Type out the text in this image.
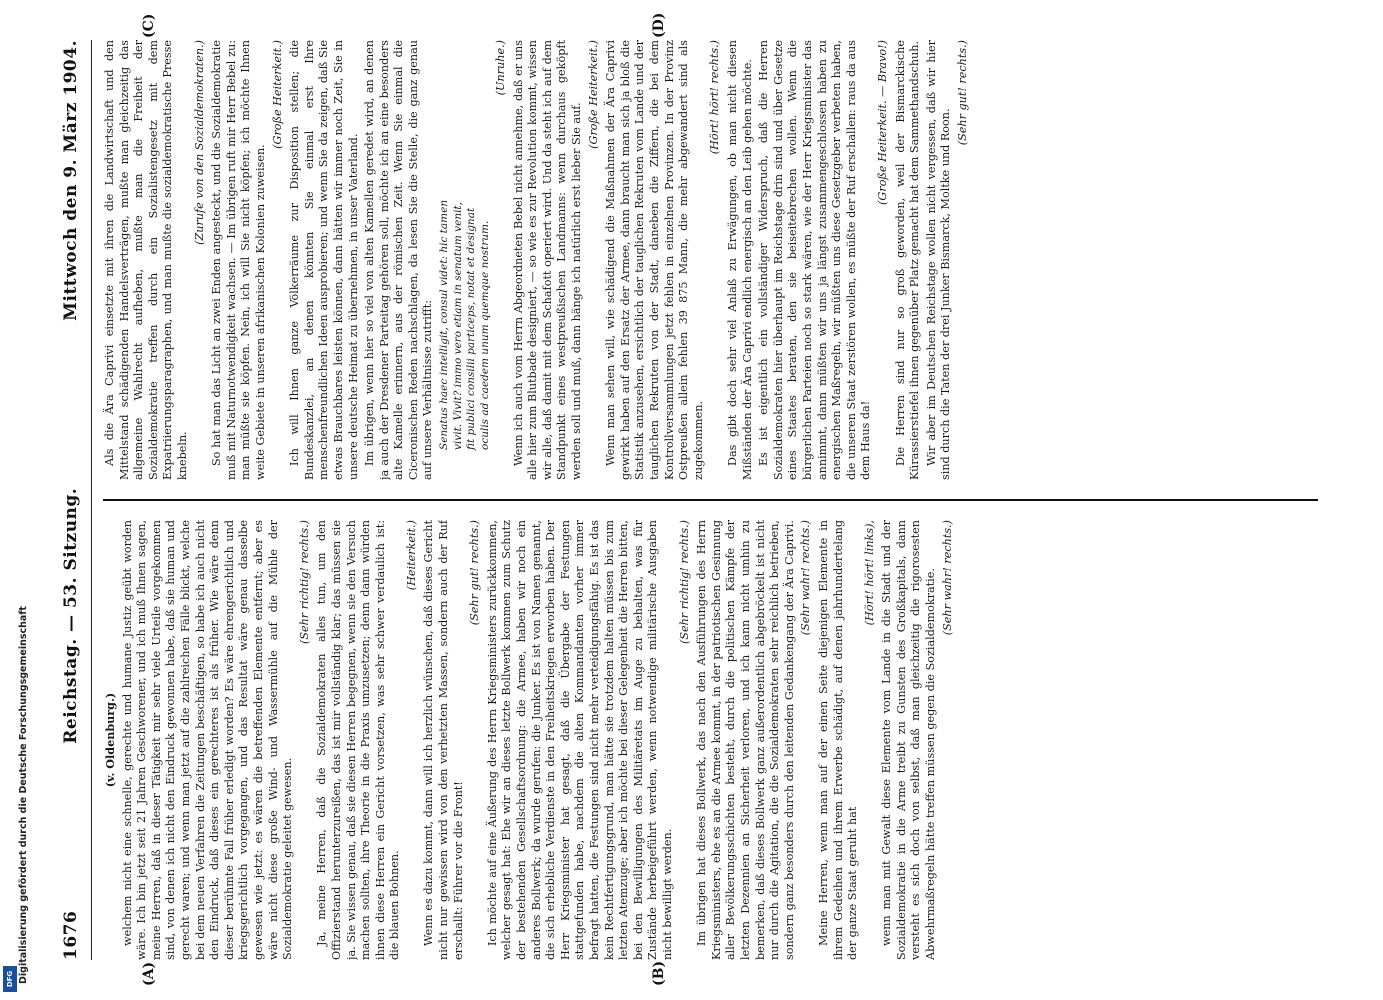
1676
Reichstag. — 53. Sitzung.
Mittwoch den 9. März 1904.
(A)	(B)
(C)	(D)

(v. Oldenburg.) welchem nicht eine schnelle, gerechte und humane Justiz geübt worden wäre. Ich bin jetzt seit 21 Jahren Geschworener, und ich muß Ihnen sagen, meine Herren, daß in dieser Tätigkeit mir sehr viele Urteile vorgekommen sind, von denen ich nicht den Eindruck gewonnen habe, daß sie human und gerecht waren; und wenn man jetzt auf die zahlreichen Fälle blickt, welche bei dem neuen Verfahren die Zeitungen beschäftigen, so habe ich auch nicht den Eindruck, daß dieses ein gerechteres ist als früher. Wie wäre denn dieser berühmte Fall früher erledigt worden? Es wäre ehrengerichtlich und kriegsgerichtlich vorgegangen, und das Resultat wäre genau dasselbe gewesen wie jetzt: es wären die betreffenden Elemente entfernt; aber es wäre nicht diese große Wind- und Wassermühle auf die Mühle der Sozialdemokratie geleitet gewesen.

(Sehr richtig! rechts.) Ja, meine Herren, daß die Sozialdemokraten alles tun, um den Offizierstand herunterzureißen, das ist mir vollständig klar; das müssen sie ja. Sie wissen genau, daß sie diesen Herren begegnen, wenn sie den Versuch machen sollten, ihre Theorie in die Praxis umzusetzen; denn dann würden ihnen diese Herren ein Gericht vorsetzen, was sehr schwer verdaulich ist: die blauen Bohnen.

(Heiterkeit.) Wenn es dazu kommt, dann will ich herzlich wünschen, daß dieses Gericht nicht nur gewissen wird von den verhetzten Massen, sondern auch der Ruf erschallt: Führer vor die Front!

(Sehr gut! rechts.) Ich möchte auf eine Äußerung des Herrn Kriegsministers zurückkommen, welcher gesagt hat: Ehe wir an dieses letzte Bollwerk kommen zum Schutz der bestehenden Gesellschaftsordnung: die Armee, haben wir noch ein anderes Bollwerk; da wurde gerufen: die Junker. Es ist von Namen genannt, die sich erhebliche Verdienste in den Freiheitskriegen erworben haben. Der Herr Kriegsminister hat gesagt, daß die Übergabe der Festungen stattgefunden habe, nachdem die alten Kommandanten vorher immer befragt hatten, die Festungen sind nicht mehr verteidigungsfähig. Es ist das kein Rechtfertigungsgrund, man hätte sie trotzdem halten müssen bis zum letzten Atemzuge; aber ich möchte bei dieser Gelegenheit die Herren bitten, bei den Bewilligungen des Militäretats im Auge zu behalten, was für Zustände herbeigeführt werden, wenn notwendige militärische Ausgaben nicht bewilligt werden.

(Sehr richtig! rechts.) Im übrigen hat dieses Bollwerk, das nach den Ausführungen des Herrn Kriegsministers, ehe es an die Armee kommt, in der patriotischen Gesinnung aller Bevölkerungsschichten besteht, durch die politischen Kämpfe der letzten Dezennien an Sicherheit verloren, und ich kann nicht umhin zu bemerken, daß dieses Bollwerk ganz außerordentlich abgebröckelt ist nicht nur durch die Agitation, die die Sozialdemokraten sehr reichlich betrieben, sondern ganz besonders durch den leitenden Gedankengang der Ära Caprivi. (Sehr wahr! rechts.) Meine Herren, wenn man auf der einen Seite diejenigen Elemente in ihrem Gedeihen und ihrem Erwerbe schädigt, auf denen jahrhundertelang der ganze Staat geruht hat

(Hört! hört! links), wenn man mit Gewalt diese Elemente vom Lande in die Stadt und der Sozialdemokratie in die Arme treibt zu Gunsten des Großkapitals, dann versteht es sich doch von selbst, daß man gleichzeitig die rigorosesten Abwehrmaßregeln hätte treffen müssen gegen die Sozialdemokratie. (Sehr wahr! rechts.)

Als die Ära Caprivi einsetzte mit ihren die Landwirtschaft und den Mittelstand schädigenden Handelsverträgen, mußte man gleichzeitig das allgemeine Wahlrecht aufheben, mußte man die Freiheit der Sozialdemokratie treffen durch ein Sozialistengesetz mit dem Expatriierungsparagraphen, und man mußte die sozialdemokratische Presse knebeln.

(Zurufe von den Sozialdemokraten.) So hat man das Licht an zwei Enden angesteckt, und die Sozialdemokratie muß mit Naturnotwendigkeit wachsen. — Im übrigen ruft mir Herr Bebel zu: man müßte sie köpfen. Nein, ich will Sie nicht köpfen; ich möchte Ihnen weite Gebiete in unseren afrikanischen Kolonien zuweisen.

(Große Heiterkeit.) Ich will Ihnen ganze Völkerräume zur Disposition stellen; die Bundeskanzlei, an denen könnten Sie einmal erst Ihre menschenfreundlichen Ideen ausprobieren; und wenn Sie da zeigen, daß Sie etwas Brauchbares leisten können, dann hätten wir immer noch Zeit, Sie in unsere deutsche Heimat zu übernehmen, in unser Vaterland. Im übrigen, wenn hier so viel von alten Kamellen geredet wird, an denen ja auch der Dresdener Parteitag gehören soll, möchte ich an eine besonders alte Kamelle erinnern, aus der römischen Zeit. Wenn Sie einmal die Ciceronischen Reden nachschlagen, da lesen Sie die Stelle, die ganz genau auf unsere Verhältnisse zutrifft: Senatus haec intelligit, consul videt: hic tamen vivit. Vivit? immo vero etiam in senatum venit, fit publici consilii particeps, notat et designat oculis ad caedem unum quemque nostrum.

(Unruhe.) Wenn ich auch vom Herrn Abgeordneten Bebel nicht annehme, daß er uns alle hier zum Blutbade designiert, — so wie es zur Revolution kommt, wissen wir alle, daß damit mit dem Schafott operiert wird. Und da steht ich auf dem Standpunkt eines westpreußischen Landmanns: wenn durchaus geköpft werden soll und muß, dann hänge ich natürlich erst lieber Sie auf.

(Große Heiterkeit.) Wenn man sehen will, wie schädigend die Maßnahmen der Ära Caprivi gewirkt haben auf den Ersatz der Armee, dann braucht man sich ja bloß die Statistik anzusehen, ersichtlich der tauglichen Rekruten vom Lande und der tauglichen Rekruten von der Stadt, daneben die Ziffern, die bei dem Kontrollversammlungen jetzt fehlen in einzelnen Provinzen. In der Provinz Ostpreußen allein fehlen 39 875 Mann, die mehr abgewandert sind als zugekommen.

(Hört! hört! rechts.) Das gibt doch sehr viel Anlaß zu Erwägungen, ob man nicht diesen Mißständen der Ära Caprivi endlich energisch an den Leib gehen möchte. Es ist eigentlich ein vollständiger Widerspruch, daß die Herren Sozialdemokraten hier überhaupt im Reichstage drin sind und über Gesetze eines Staates beraten, den sie beiseitebrechen wollen. Wenn die bürgerlichen Parteien noch so stark wären, wie der Herr Kriegsminister das annimmt, dann müßten wir uns ja längst zusammengeschlossen haben zu energischen Maßregeln, wir müßten uns diese Gesetzgeber verbeten haben, die unseren Staat zerstören wollen, es müßte der Ruf erschallen: raus da aus dem Haus da!

(Große Heiterkeit. — Bravo!) Die Herren sind nur so groß geworden, weil der Bismarckische Kürassierstiefel ihnen gegenüber Platz gemacht hat dem Sammethandschuh. Wir aber im Deutschen Reichstage wollen nicht vergessen, daß wir hier sind durch die Taten der drei Junker Bismarck, Moltke und Roon.

(Sehr gut! rechts.)

Digitalisierung gefördert durch die Deutsche Forschungsgemeinschaft
DFG
